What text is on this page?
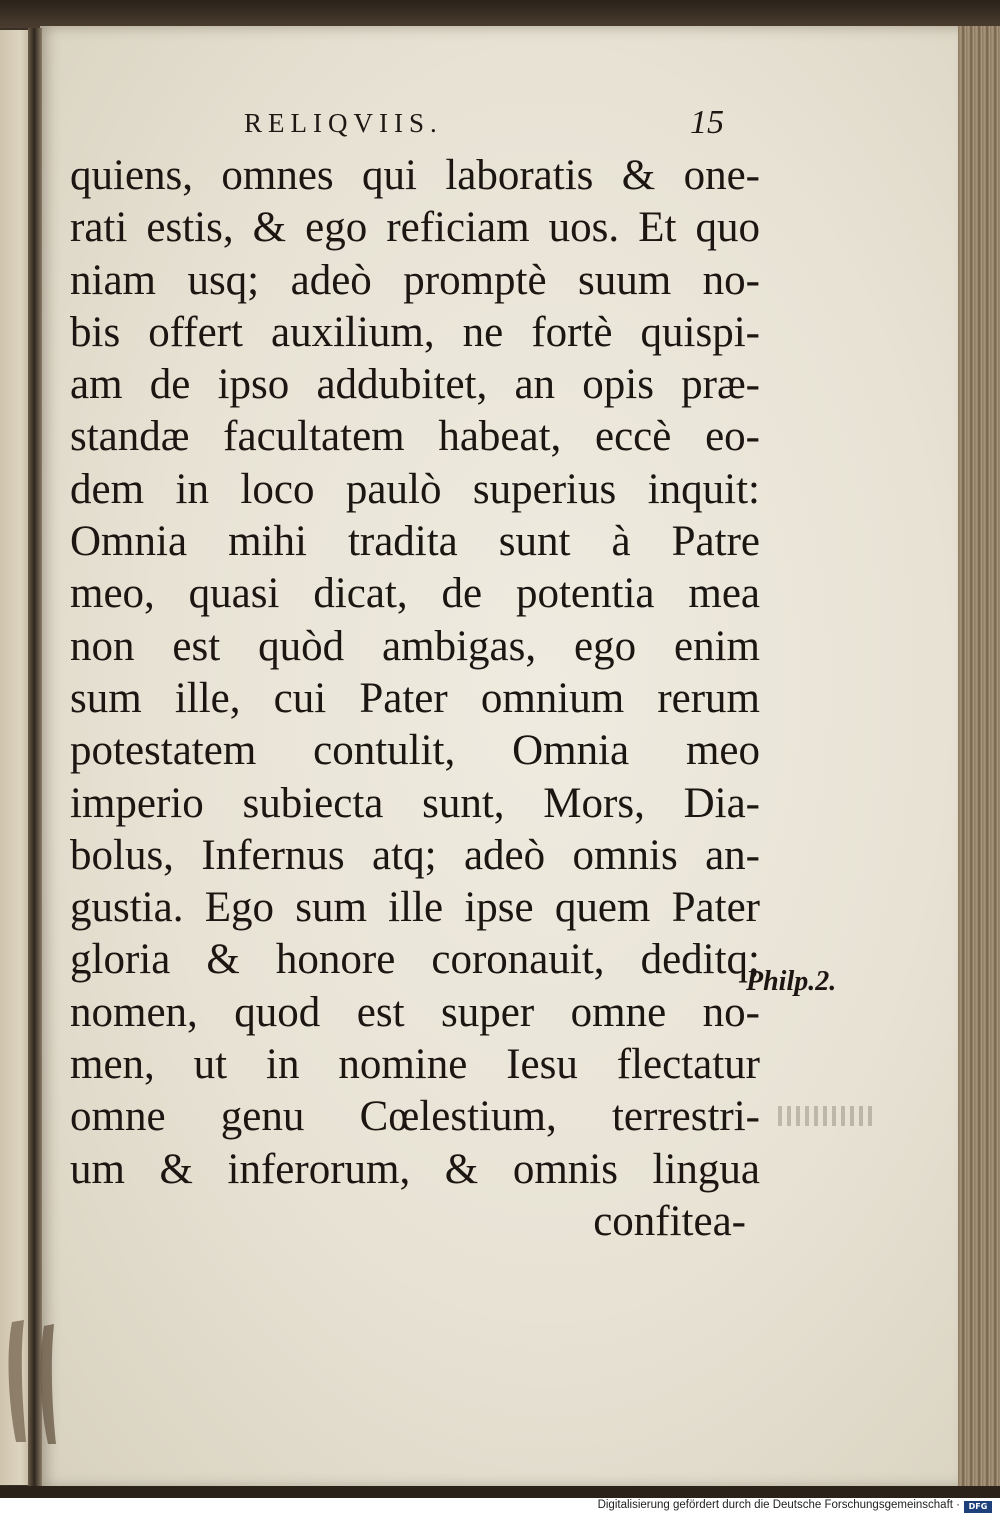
RELIQVIIS.	15
quiens, omnes qui laboratis & one-
rati estis, & ego reficiam uos. Et quo
niam usq; adeò promptè suum no-
bis offert auxilium, ne fortè quispi-
am de ipso addubitet, an opis præ-
standæ facultatem habeat, eccè eo-
dem in loco paulò superius inquit:
Omnia mihi tradita sunt à Patre
meo, quasi dicat, de potentia mea
non est quòd ambigas, ego enim
sum ille, cui Pater omnium rerum
potestatem contulit, Omnia meo
imperio subiecta sunt, Mors, Dia-
bolus, Infernus atq; adeò omnis an-
gustia. Ego sum ille ipse quem Pater
gloria & honore coronauit, deditq;
nomen, quod est super omne no-
men, ut in nomine Iesu flectatur
omne genu Cœlestium, terrestri-
um & inferorum, & omnis lingua
confitea-
Philp.2.
Digitalisierung gefördert durch die Deutsche Forschungsgemeinschaft ·	DFG
